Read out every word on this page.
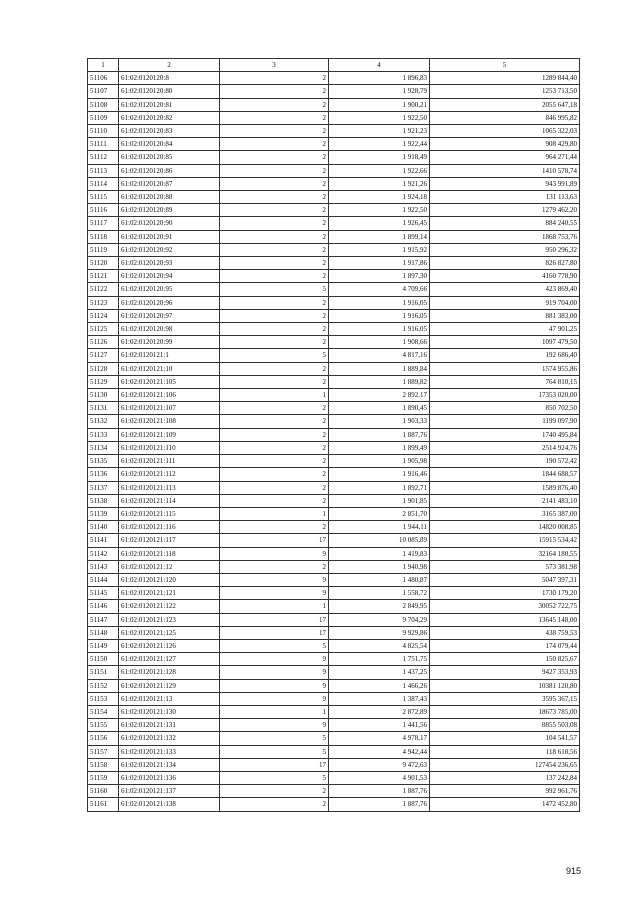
1	2	3	4	5
51106	61:02:0120120:8	2	1 896,83	1289 844,40
51107	61:02:0120120:80	2	1 928,79	1253 713,50
51108	61:02:0120120:81	2	1 900,21	2055 647,18
51109	61:02:0120120:82	2	1 922,50	846 995,82
51110	61:02:0120120:83	2	1 921,23	1065 322,03
51111	61:02:0120120:84	2	1 922,44	908 429,80
51112	61:02:0120120:85	2	1 918,49	964 271,44
51113	61:02:0120120:86	2	1 922,66	1410 578,74
51114	61:02:0120120:87	2	1 921,26	943 991,89
51115	61:02:0120120:88	2	1 924,18	131 113,63
51116	61:02:0120120:89	2	1 922,50	1279 462,20
51117	61:02:0120120:90	2	1 926,45	884 240,55
51118	61:02:0120120:91	2	1 899,14	1868 753,76
51119	61:02:0120120:92	2	1 915,92	950 296,32
51120	61:02:0120120:93	2	1 917,86	826 827,80
51121	61:02:0120120:94	2	1 897,30	4160 778,90
51122	61:02:0120120:95	5	4 709,66	423 869,40
51123	61:02:0120120:96	2	1 916,05	919 704,00
51124	61:02:0120120:97	2	1 916,05	881 383,00
51125	61:02:0120120:98	2	1 916,05	47 901,25
51126	61:02:0120120:99	2	1 908,66	1097 479,50
51127	61:02:0120121:1	5	4 817,16	192 686,40
51128	61:02:0120121:10	2	1 889,84	1574 955,86
51129	61:02:0120121:105	2	1 889,82	764 810,15
51130	61:02:0120121:106	1	2 892,17	17353 020,00
51131	61:02:0120121:107	2	1 890,45	850 702,50
51132	61:02:0120121:108	2	1 903,33	1199 097,90
51133	61:02:0120121:109	2	1 887,76	1740 495,84
51134	61:02:0120121:110	2	1 899,49	2514 924,76
51135	61:02:0120121:111	2	1 905,98	190 572,42
51136	61:02:0120121:112	2	1 916,46	1844 688,57
51137	61:02:0120121:113	2	1 892,71	1589 876,40
51138	61:02:0120121:114	2	1 901,85	2141 483,10
51139	61:02:0120121:115	1	2 851,70	3165 387,00
51140	61:02:0120121:116	2	1 944,11	14820 008,85
51141	61:02:0120121:117	17	10 085,89	15915 534,42
51142	61:02:0120121:118	9	1 419,83	32164 180,55
51143	61:02:0120121:12	2	1 940,98	573 381,98
51144	61:02:0120121:120	9	1 480,87	5047 397,31
51145	61:02:0120121:121	9	1 558,72	1730 179,20
51146	61:02:0120121:122	1	2 849,95	30052 722,75
51147	61:02:0120121:123	17	9 704,29	13645 148,00
51148	61:02:0120121:125	17	9 929,86	438 759,53
51149	61:02:0120121:126	5	4 825,54	174 079,44
51150	61:02:0120121:127	9	1 751,75	150 825,67
51151	61:02:0120121:128	9	1 437,25	9427 353,93
51152	61:02:0120121:129	9	1 466,26	10381 120,80
51153	61:02:0120121:13	9	1 387,43	3595 367,15
51154	61:02:0120121:130	1	2 872,89	18673 785,00
51155	61:02:0120121:131	9	1 441,56	8855 503,08
51156	61:02:0120121:132	5	4 978,17	104 541,57
51157	61:02:0120121:133	5	4 942,44	118 618,56
51158	61:02:0120121:134	17	9 472,63	127454 236,65
51159	61:02:0120121:136	5	4 901,53	137 242,84
51160	61:02:0120121:137	2	1 887,76	992 961,76
51161	61:02:0120121:138	2	1 887,76	1472 452,80
915
